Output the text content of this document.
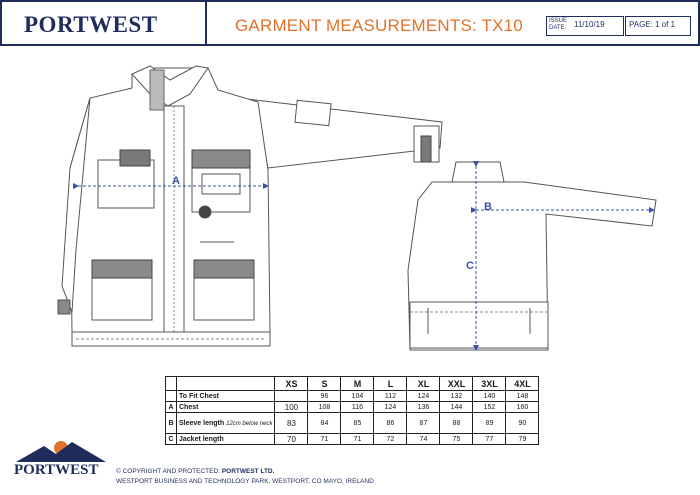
PORTWEST	GARMENT MEASUREMENTS: TX10	ISSUE DATE: 11/10/19	PAGE: 1 of 1
A
B
C
		XS	S	M	L	XL	XXL	3XL	4XL
	To Fit Chest		96	104	112	124	132	140	148
A	Chest	100	108	116	124	136	144	152	160
B	Sleeve length 12cm below neck	83	84	85	86	87	88	89	90
C	Jacket length	70	71	71	72	74	75	77	79
PORTWEST	© COPYRIGHT AND PROTECTED: PORTWEST LTD.
WESTPORT BUSINESS AND TECHNOLOGY PARK, WESTPORT, CO MAYO, IRELAND
